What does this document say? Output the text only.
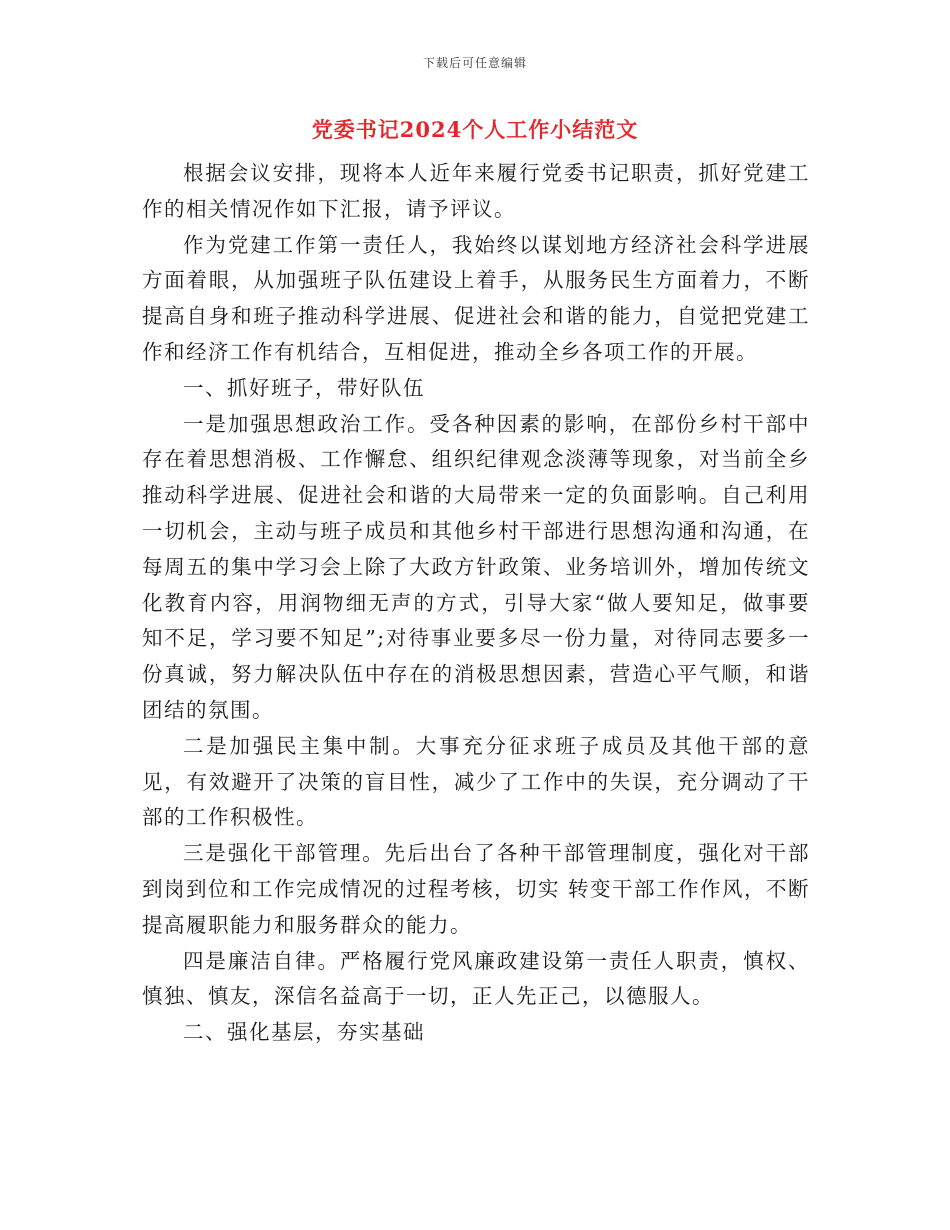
下载后可任意编辑
党委书记2024个人工作小结范文

根据会议安排，现将本人近年来履行党委书记职责，抓好党建工作的相关情况作如下汇报，请予评议。

作为党建工作第一责任人，我始终以谋划地方经济社会科学进展方面着眼，从加强班子队伍建设上着手，从服务民生方面着力，不断提高自身和班子推动科学进展、促进社会和谐的能力，自觉把党建工作和经济工作有机结合，互相促进，推动全乡各项工作的开展。

一、抓好班子，带好队伍

一是加强思想政治工作。受各种因素的影响，在部份乡村干部中存在着思想消极、工作懈怠、组织纪律观念淡薄等现象，对当前全乡推动科学进展、促进社会和谐的大局带来一定的负面影响。自己利用一切机会，主动与班子成员和其他乡村干部进行思想沟通和沟通，在每周五的集中学习会上除了大政方针政策、业务培训外，增加传统文化教育内容，用润物细无声的方式，引导大家“做人要知足，做事要知不足，学习要不知足”;对待事业要多尽一份力量，对待同志要多一份真诚，努力解决队伍中存在的消极思想因素，营造心平气顺，和谐团结的氛围。

二是加强民主集中制。大事充分征求班子成员及其他干部的意见，有效避开了决策的盲目性，减少了工作中的失误，充分调动了干部的工作积极性。

三是强化干部管理。先后出台了各种干部管理制度，强化对干部到岗到位和工作完成情况的过程考核，切实 转变干部工作作风，不断提高履职能力和服务群众的能力。

四是廉洁自律。严格履行党风廉政建设第一责任人职责，慎权、慎独、慎友，深信名益高于一切，正人先正己，以德服人。

二、强化基层，夯实基础
